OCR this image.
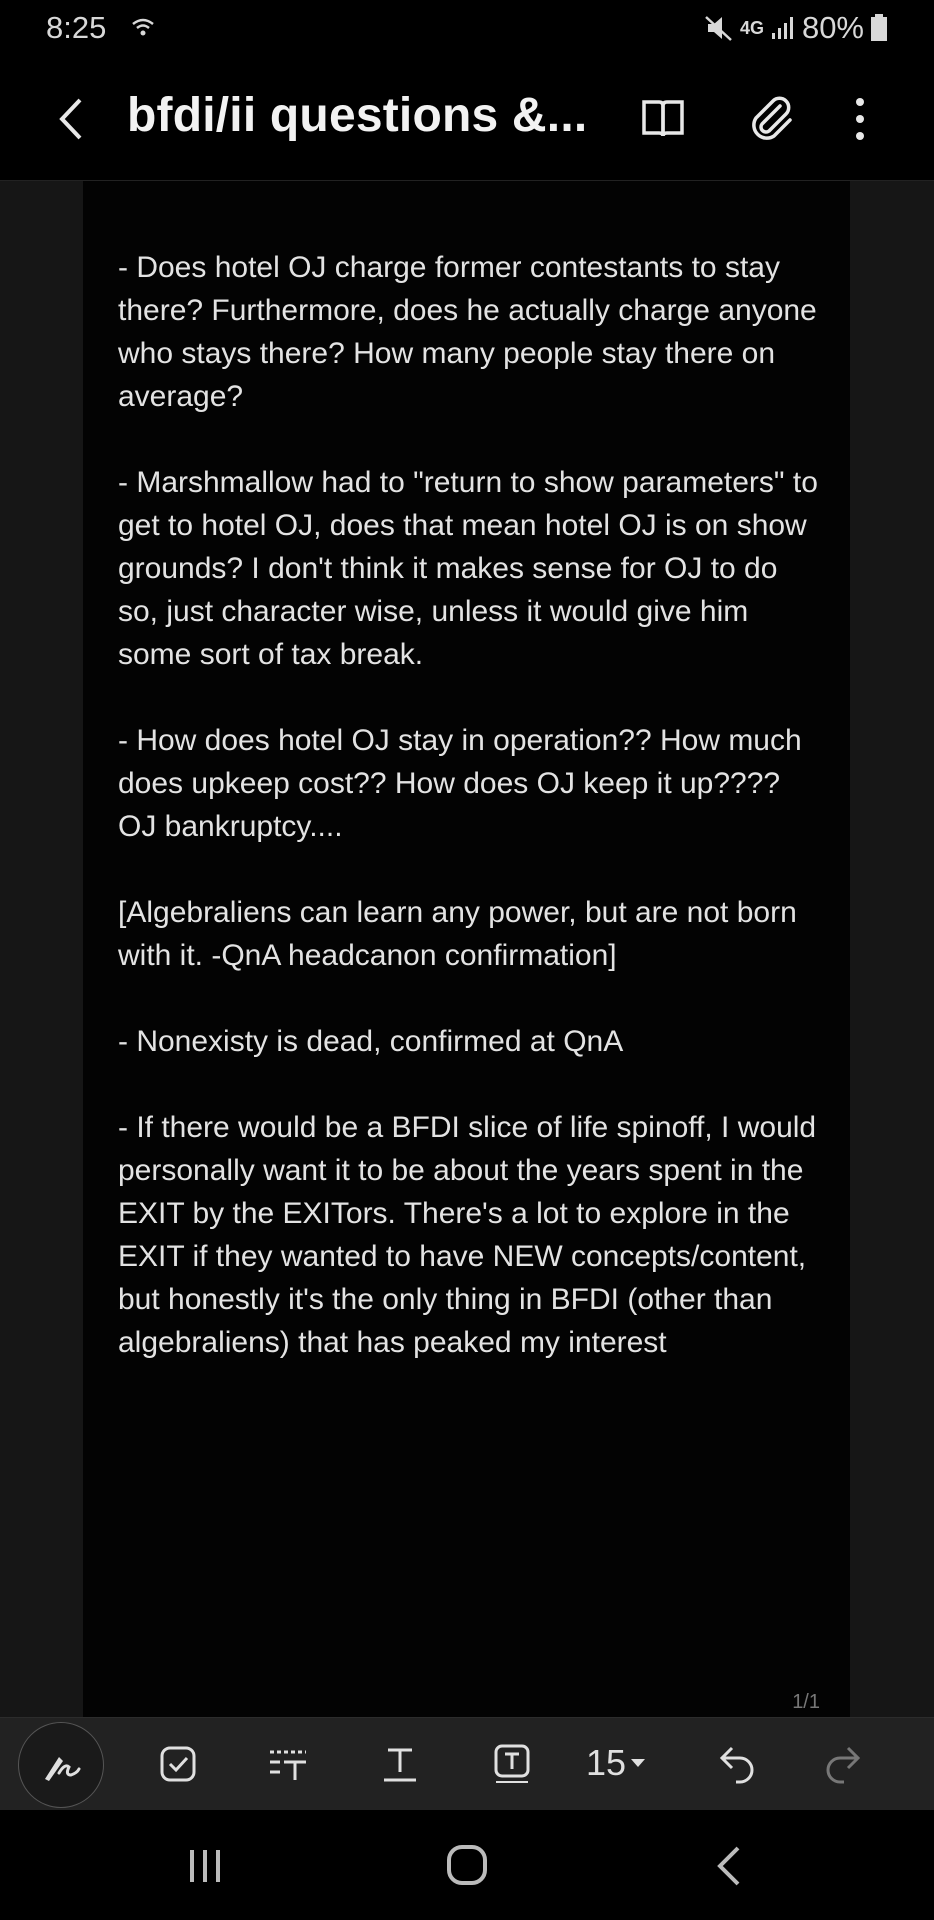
8:25	4G 80%
bfdi/ii questions &...

- Does hotel OJ charge former contestants to stay there? Furthermore, does he actually charge anyone who stays there? How many people stay there on average?

- Marshmallow had to "return to show parameters" to get to hotel OJ, does that mean hotel OJ is on show grounds? I don't think it makes sense for OJ to do so, just character wise, unless it would give him some sort of tax break.

- How does hotel OJ stay in operation?? How much does upkeep cost?? How does OJ keep it up???? OJ bankruptcy....

[Algebraliens can learn any power, but are not born with it. -QnA headcanon confirmation]

- Nonexisty is dead, confirmed at QnA

- If there would be a BFDI slice of life spinoff, I would personally want it to be about the years spent in the EXIT by the EXITors. There's a lot to explore in the EXIT if they wanted to have NEW concepts/content, but honestly it's the only thing in BFDI (other than algebraliens) that has peaked my interest

1/1
15
